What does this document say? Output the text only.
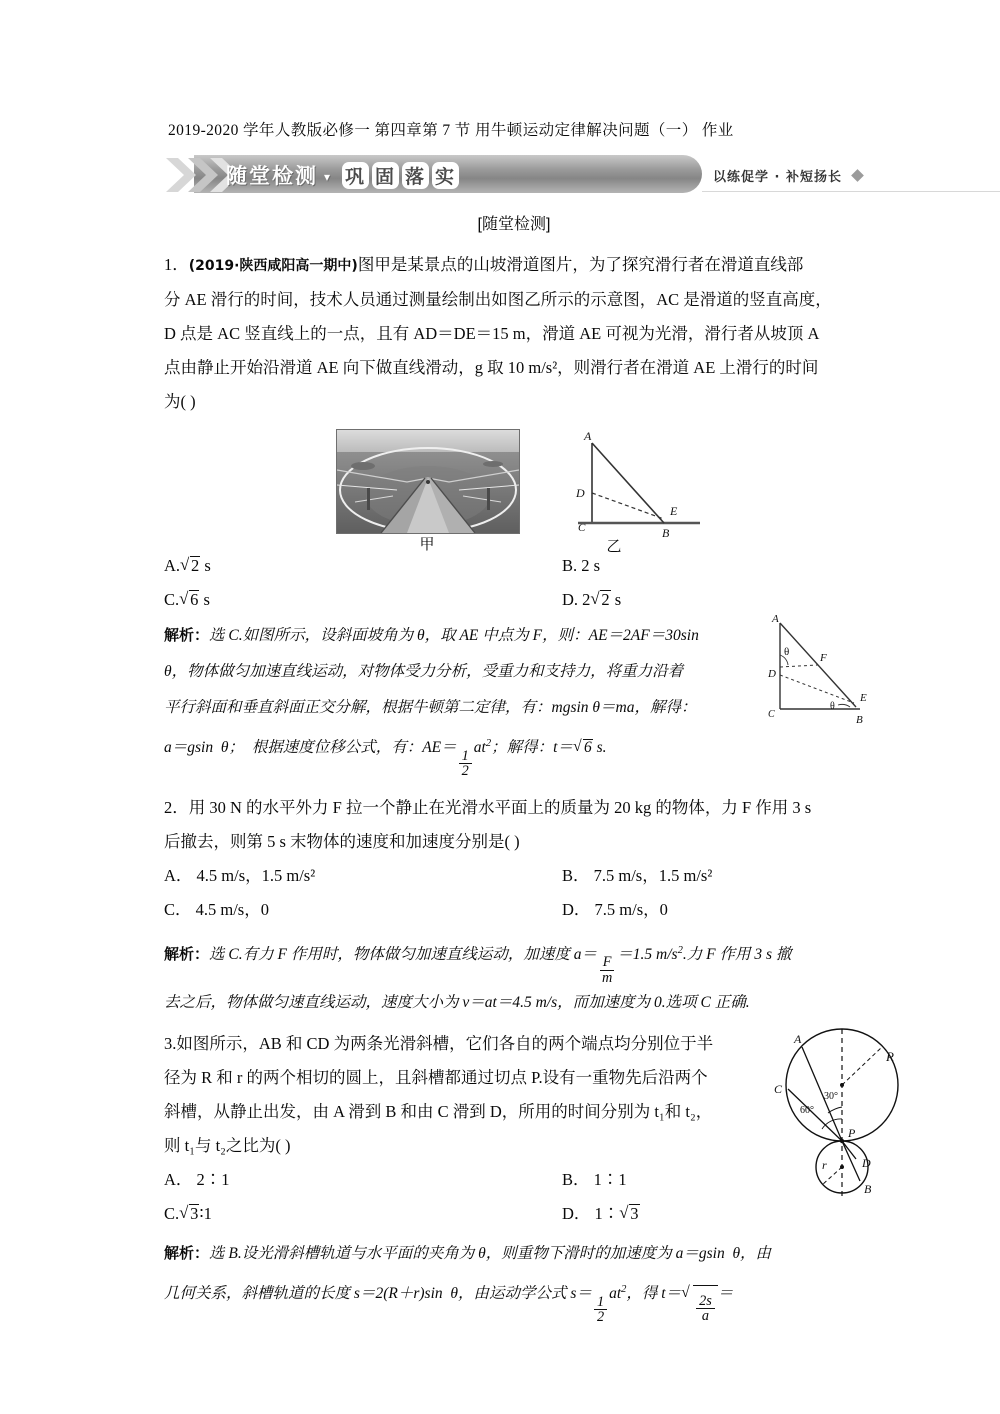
2019-2020 学年人教版必修一 第四章第 7 节 用牛顿运动定律解决问题（一） 作业
随堂检测 ▾ 巩 固 落 实	以练促学 · 补短扬长
[随堂检测]
1．(2019·陕西咸阳高一期中)图甲是某景点的山坡滑道图片，为了探究滑行者在滑道直线部
分 AE 滑行的时间，技术人员通过测量绘制出如图乙所示的示意图，AC 是滑道的竖直高度，
D 点是 AC 竖直线上的一点，且有 AD＝DE＝15 m，滑道 AE 可视为光滑，滑行者从坡顶 A
点由静止开始沿滑道 AE 向下做直线滑动，g 取 10 m/s²，则滑行者在滑道 AE 上滑行的时间
为( )
甲
A
D
C
E
B
乙
A. √ 2 s	B. 2 s
C. √ 6 s	D. 2 √ 2 s
A
F
θ
D
C
θ
E
B
解析：选 C.如图所示，设斜面坡角为 θ，取 AE 中点为 F，则：AE＝2AF＝30sin
θ，物体做匀加速直线运动，对物体受力分析，受重力和支持力，将重力沿着
平行斜面和垂直斜面正交分解，根据牛顿第二定律，有：mgsin θ＝ma，解得：
a＝gsin  θ；  根据速度位移公式，有：AE＝
$\frac{1}{2}$
$at^2$；解得：t＝ √ 6 s.
2．用 30 N 的水平外力 F 拉一个静止在光滑水平面上的质量为 20 kg 的物体，力 F 作用 3 s
后撤去，则第 5 s 末物体的速度和加速度分别是( )
A． 4.5 m/s，1.5 m/s²	B． 7.5 m/s，1.5 m/s²
C． 4.5 m/s，0	D． 7.5 m/s，0
解析：选 C.有力 F 作用时，物体做匀加速直线运动，加速度 a＝
$\frac{F}{m}$
＝1.5 $m/s^2$.力 F 作用 3 s 撤
去之后，物体做匀速直线运动，速度大小为 v＝at＝4.5 m/s，而加速度为 0.选项 C 正确.
A
R
30°
60°
C
P
r	D
B
3.如图所示，AB 和 CD 为两条光滑斜槽，它们各自的两个端点均分别位于半
径为 R 和 r 的两个相切的圆上，且斜槽都通过切点 P.设有一重物先后沿两个
斜槽，从静止出发，由 A 滑到 B 和由 C 滑到 D，所用的时间分别为 t₁和 t₂，
则 t₁与 t₂之比为( )
A． 2∶1	B． 1∶1
C. √ 3∶1	D． 1∶ √ 3
解析：选 B.设光滑斜槽轨道与水平面的夹角为 θ，则重物下滑时的加速度为 a＝gsin  θ，由
几何关系，斜槽轨道的长度 s＝2(R＋r)sin  θ，由运动学公式 s＝
$\frac{1}{2}$
$at^2$，得 t＝ √ $\frac{2s}{a}$ ＝
